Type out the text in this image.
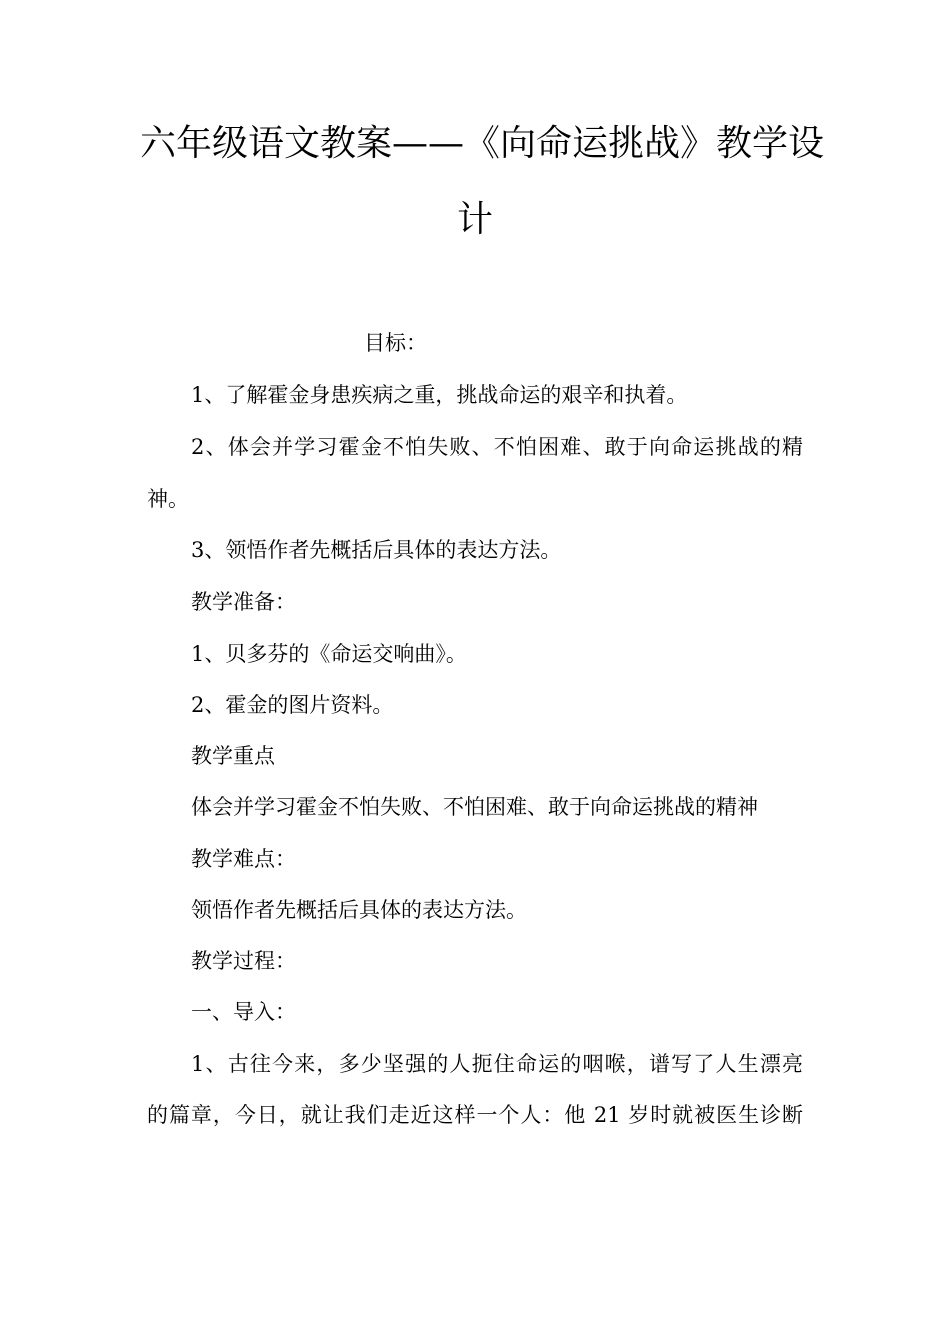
六年级语文教案——《向命运挑战》教学设
计
目标：
1、了解霍金身患疾病之重，挑战命运的艰辛和执着。
2、体会并学习霍金不怕失败、不怕困难、敢于向命运挑战的精
神。
3、领悟作者先概括后具体的表达方法。
教学准备：
1、贝多芬的《命运交响曲》。
2、霍金的图片资料。
教学重点
体会并学习霍金不怕失败、不怕困难、敢于向命运挑战的精神
教学难点：
领悟作者先概括后具体的表达方法。
教学过程：
一、导入：
1、古往今来，多少坚强的人扼住命运的咽喉，谱写了人生漂亮
的篇章，今日，就让我们走近这样一个人：他 21 岁时就被医生诊断
